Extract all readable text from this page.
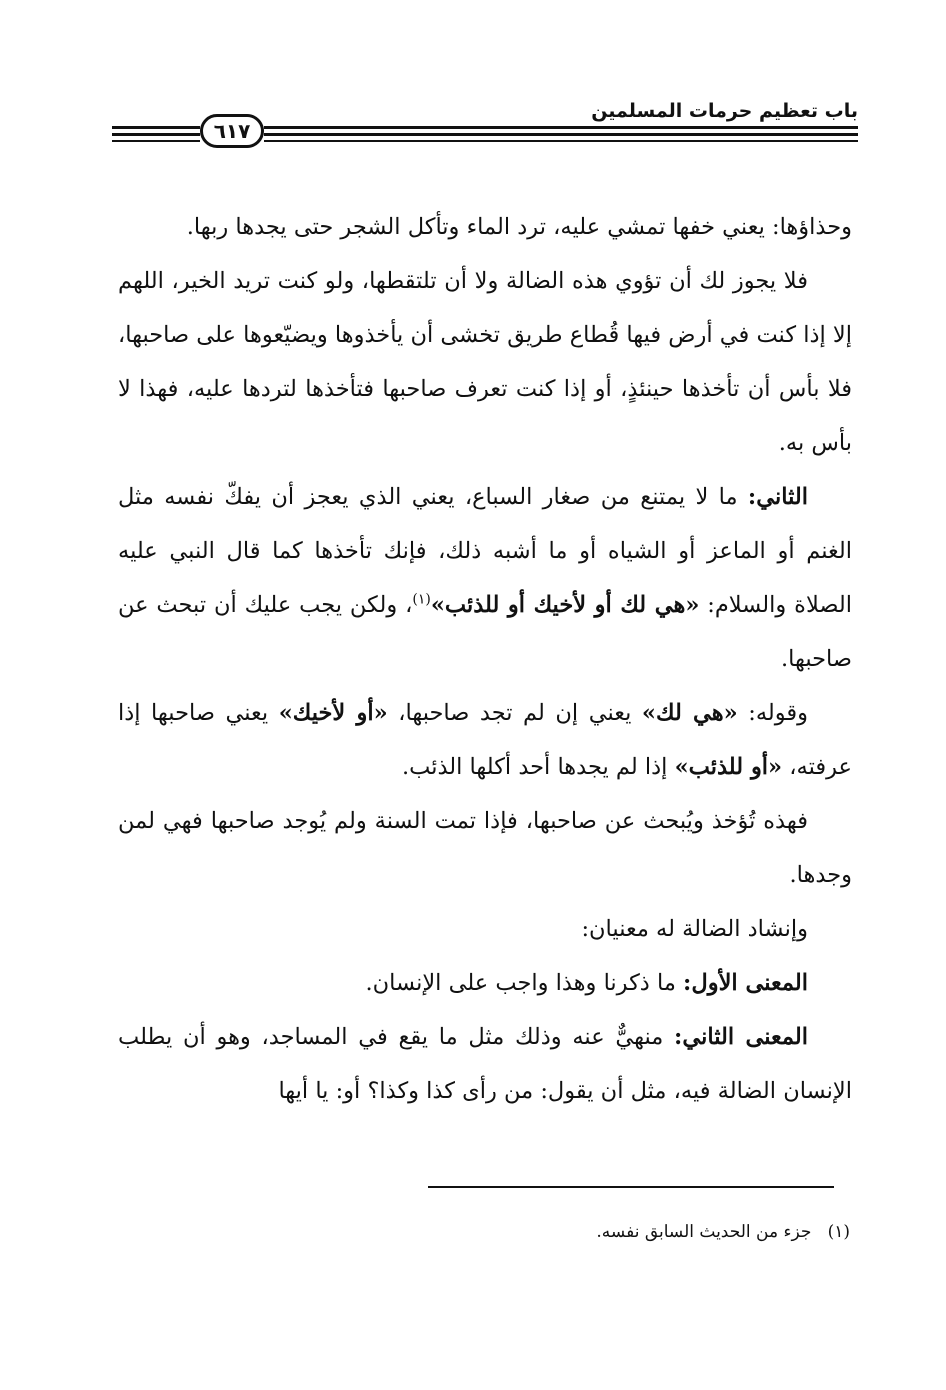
٦١٧
باب تعظيم حرمات المسلمين

وحذاؤها: يعني خفها تمشي عليه، ترد الماء وتأكل الشجر حتى يجدها ربها.

فلا يجوز لك أن تؤوي هذه الضالة ولا أن تلتقطها، ولو كنت تريد الخير، اللهم إلا إذا كنت في أرض فيها قُطاع طريق تخشى أن يأخذوها ويضيّعوها على صاحبها، فلا بأس أن تأخذها حينئذٍ، أو إذا كنت تعرف صاحبها فتأخذها لتردها عليه، فهذا لا بأس به.

الثاني: ما لا يمتنع من صغار السباع، يعني الذي يعجز أن يفكّ نفسه مثل الغنم أو الماعز أو الشياه أو ما أشبه ذلك، فإنك تأخذها كما قال النبي عليه الصلاة والسلام: «هي لك أو لأخيك أو للذئب»$^{(١)}$، ولكن يجب عليك أن تبحث عن صاحبها.

وقوله: «هي لك» يعني إن لم تجد صاحبها، «أو لأخيك» يعني صاحبها إذا عرفته، «أو للذئب» إذا لم يجدها أحد أكلها الذئب.

فهذه تُؤخذ ويُبحث عن صاحبها، فإذا تمت السنة ولم يُوجد صاحبها فهي لمن وجدها.

وإنشاد الضالة له معنيان:

المعنى الأول: ما ذكرنا وهذا واجب على الإنسان.

المعنى الثاني: منهيٌّ عنه وذلك مثل ما يقع في المساجد، وهو أن يطلب الإنسان الضالة فيه، مثل أن يقول: من رأى كذا وكذا؟ أو: يا أيها

(١)   جزء من الحديث السابق نفسه.
